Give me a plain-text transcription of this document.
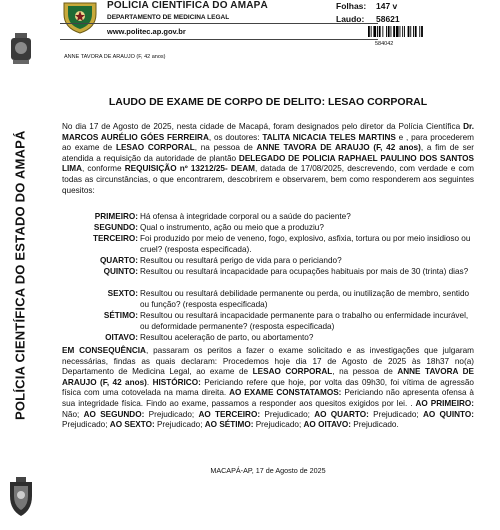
POLÍCIA CIENTÍFICA DO AMAPÁ
DEPARTAMENTO DE MEDICINA LEGAL
www.politec.ap.gov.br
Folhas:	147 v
Laudo:	58621
584042
ANNE TAVORA DE ARAUJO (F, 42 anos)
POLÍCIA CIENTÍFICA DO ESTADO DO AMAPÁ
LAUDO DE EXAME DE CORPO DE DELITO: LESAO CORPORAL
No dia 17 de Agosto de 2025, nesta cidade de Macapá, foram designados pelo diretor da Polícia Científica Dr. MARCOS AURÉLIO GÓES FERREIRA, os doutores: TALITA NICACIA TELES MARTINS e , para procederem ao exame de LESAO CORPORAL, na pessoa de ANNE TAVORA DE ARAUJO (F, 42 anos), a fim de ser atendida a requisição da autoridade de plantão DELEGADO DE POLICIA RAPHAEL PAULINO DOS SANTOS LIMA, conforme REQUISIÇÃO nº 13212/25- DEAM, datada de 17/08/2025, descrevendo, com verdade e com todas as circunstâncias, o que encontrarem, descobrirem e observarem, bem como responderem aos seguintes quesitos:
PRIMEIRO: Há ofensa à integridade corporal ou a saúde do paciente?
SEGUNDO: Qual o instrumento, ação ou meio que a produziu?
TERCEIRO: Foi produzido por meio de veneno, fogo, explosivo, asfixia, tortura ou por meio insidioso ou cruel? (resposta especificada).
QUARTO: Resultou ou resultará perigo de vida para o periciando?
QUINTO: Resultou ou resultará incapacidade para ocupações habituais por mais de 30 (trinta) dias?
SEXTO: Resultou ou resultará debilidade permanente ou perda, ou inutilização de membro, sentido ou função? (resposta especificada)
SÉTIMO: Resultou ou resultará incapacidade permanente para o trabalho ou enfermidade incurável, ou deformidade permanente? (resposta especificada)
OITAVO: Resultou aceleração de parto, ou abortamento?
EM CONSEQUÊNCIA, passaram os peritos a fazer o exame solicitado e as investigações que julgaram necessárias, findas as quais declaram: Procedemos hoje dia 17 de Agosto de 2025 às 18h37 no(a) Departamento de Medicina Legal, ao exame de LESAO CORPORAL, na pessoa de ANNE TAVORA DE ARAUJO (F, 42 anos). HISTÓRICO: Periciando refere que hoje, por volta das 09h30, foi vítima de agressão física com uma cotovelada na mama direita. AO EXAME CONSTATAMOS: Periciando não apresenta ofensa à sua integridade física. Findo ao exame, passamos a responder aos quesitos exigidos por lei. . AO PRIMEIRO: Não; AO SEGUNDO: Prejudicado; AO TERCEIRO: Prejudicado; AO QUARTO: Prejudicado; AO QUINTO: Prejudicado; AO SEXTO: Prejudicado; AO SÉTIMO: Prejudicado; AO OITAVO: Prejudicado.
MACAPÁ-AP, 17 de Agosto de 2025
